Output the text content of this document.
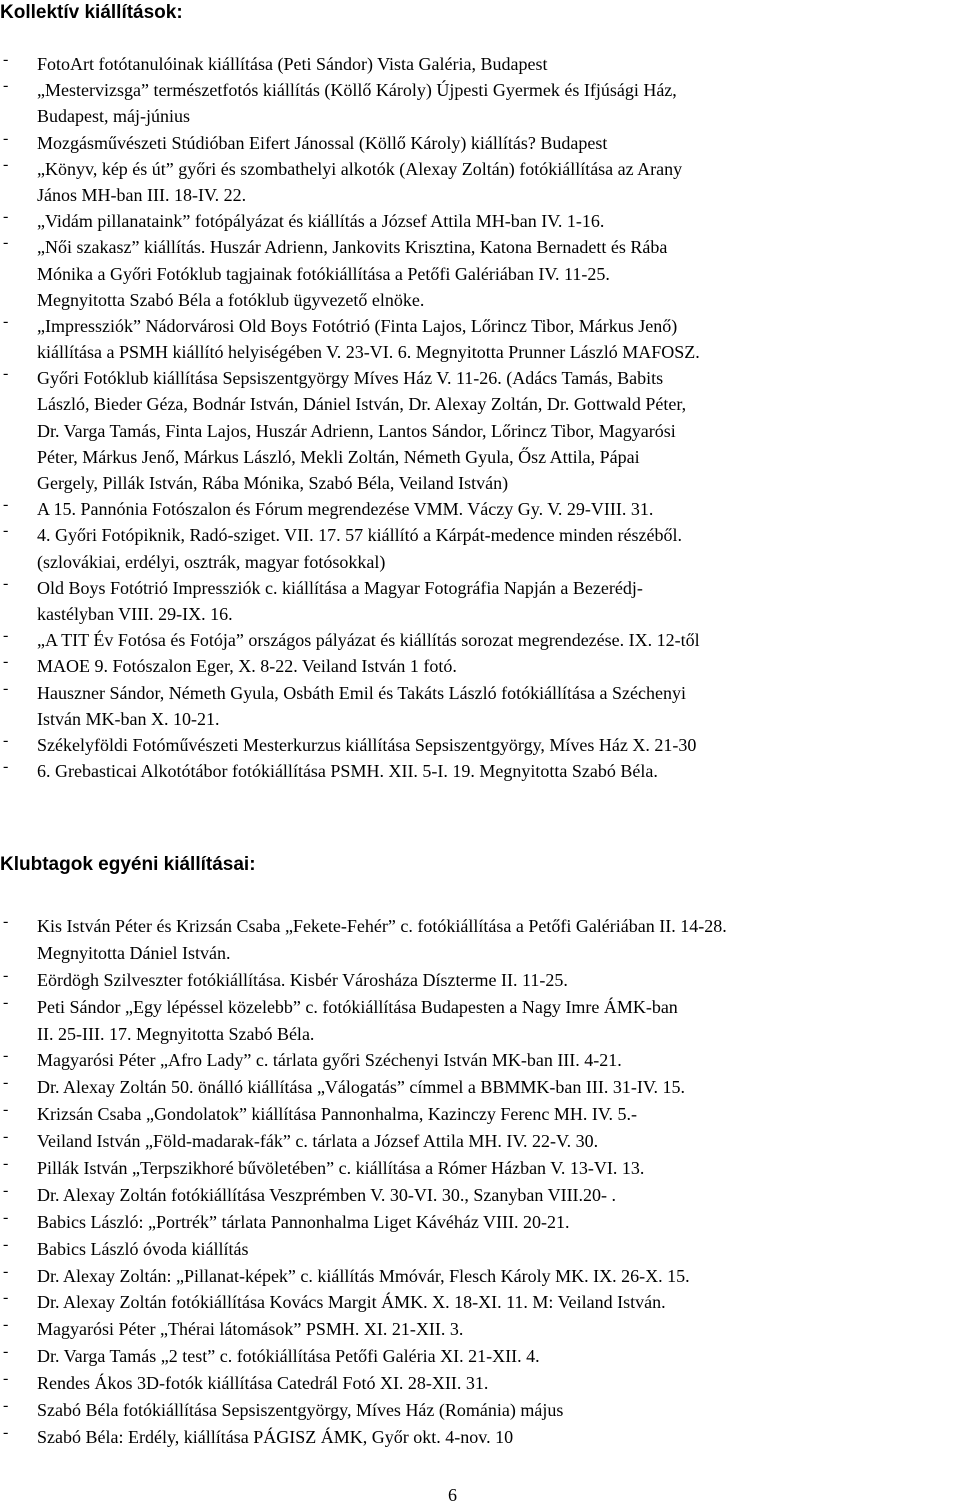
Kollektív kiállítások:
- FotoArt fotótanulóinak kiállítása (Peti Sándor) Vista Galéria, Budapest
- „Mestervizsga” természetfotós kiállítás (Köllő Károly) Újpesti Gyermek és Ifjúsági Ház,
Budapest, máj-június
- Mozgásművészeti Stúdióban Eifert Jánossal (Köllő Károly) kiállítás? Budapest
- „Könyv, kép és út” győri és szombathelyi alkotók (Alexay Zoltán) fotókiállítása az Arany
János MH-ban III. 18-IV. 22.
- „Vidám pillanataink” fotópályázat és kiállítás a József Attila MH-ban IV. 1-16.
- „Női szakasz” kiállítás. Huszár Adrienn, Jankovits Krisztina, Katona Bernadett és Rába
Mónika a Győri Fotóklub tagjainak fotókiállítása a Petőfi Galériában IV. 11-25.
Megnyitotta Szabó Béla a fotóklub ügyvezető elnöke.
- „Impressziók” Nádorvárosi Old Boys Fotótrió (Finta Lajos, Lőrincz Tibor, Márkus Jenő)
kiállítása a PSMH kiállító helyiségében V. 23-VI. 6. Megnyitotta Prunner László MAFOSZ.
- Győri Fotóklub kiállítása Sepsiszentgyörgy Míves Ház V. 11-26. (Adács Tamás, Babits
László, Bieder Géza, Bodnár István, Dániel István, Dr. Alexay Zoltán, Dr. Gottwald Péter,
Dr. Varga Tamás, Finta Lajos, Huszár Adrienn, Lantos Sándor, Lőrincz Tibor, Magyarósi
Péter, Márkus Jenő, Márkus László, Mekli Zoltán, Németh Gyula, Ősz Attila, Pápai
Gergely, Pillák István, Rába Mónika, Szabó Béla, Veiland István)
- A 15. Pannónia Fotószalon és Fórum megrendezése VMM. Váczy Gy. V. 29-VIII. 31.
- 4. Győri Fotópiknik, Radó-sziget. VII. 17. 57 kiállító a Kárpát-medence minden részéből.
(szlovákiai, erdélyi, osztrák, magyar fotósokkal)
- Old Boys Fotótrió Impressziók c. kiállítása a Magyar Fotográfia Napján a Bezerédj-
kastélyban VIII. 29-IX. 16.
- „A TIT Év Fotósa és Fotója” országos pályázat és kiállítás sorozat megrendezése. IX. 12-től
- MAOE 9. Fotószalon Eger, X. 8-22. Veiland István 1 fotó.
- Hauszner Sándor, Németh Gyula, Osbáth Emil és Takáts László fotókiállítása a Széchenyi
István MK-ban X. 10-21.
- Székelyföldi Fotóművészeti Mesterkurzus kiállítása Sepsiszentgyörgy, Míves Ház X. 21-30
- 6. Grebasticai Alkotótábor fotókiállítása PSMH. XII. 5-I. 19. Megnyitotta Szabó Béla.
Klubtagok egyéni kiállításai:
- Kis István Péter és Krizsán Csaba „Fekete-Fehér” c. fotókiállítása a Petőfi Galériában II. 14-28.
Megnyitotta Dániel István.
- Eördögh Szilveszter fotókiállítása. Kisbér Városháza Díszterme II. 11-25.
- Peti Sándor „Egy lépéssel közelebb” c. fotókiállítása Budapesten a Nagy Imre ÁMK-ban
II. 25-III. 17. Megnyitotta Szabó Béla.
- Magyarósi Péter „Afro Lady” c. tárlata győri Széchenyi István MK-ban III. 4-21.
- Dr. Alexay Zoltán 50. önálló kiállítása „Válogatás” címmel a BBMMK-ban III. 31-IV. 15.
- Krizsán Csaba „Gondolatok” kiállítása Pannonhalma, Kazinczy Ferenc MH. IV. 5.-
- Veiland István „Föld-madarak-fák” c. tárlata a József Attila MH. IV. 22-V. 30.
- Pillák István „Terpszikhoré bűvöletében” c. kiállítása a Rómer Házban V. 13-VI. 13.
- Dr. Alexay Zoltán fotókiállítása Veszprémben V. 30-VI. 30., Szanyban VIII.20- .
- Babics László: „Portrék” tárlata Pannonhalma Liget Kávéház VIII. 20-21.
- Babics László óvoda kiállítás
- Dr. Alexay Zoltán: „Pillanat-képek” c. kiállítás Mmóvár, Flesch Károly MK. IX. 26-X. 15.
- Dr. Alexay Zoltán fotókiállítása Kovács Margit ÁMK. X. 18-XI. 11. M: Veiland István.
- Magyarósi Péter „Thérai látomások” PSMH. XI. 21-XII. 3.
- Dr. Varga Tamás „2 test” c. fotókiállítása Petőfi Galéria XI. 21-XII. 4.
- Rendes Ákos 3D-fotók kiállítása Catedrál Fotó XI. 28-XII. 31.
- Szabó Béla fotókiállítása Sepsiszentgyörgy, Míves Ház (Románia) május
- Szabó Béla: Erdély, kiállítása PÁGISZ ÁMK, Győr okt. 4-nov. 10
6
